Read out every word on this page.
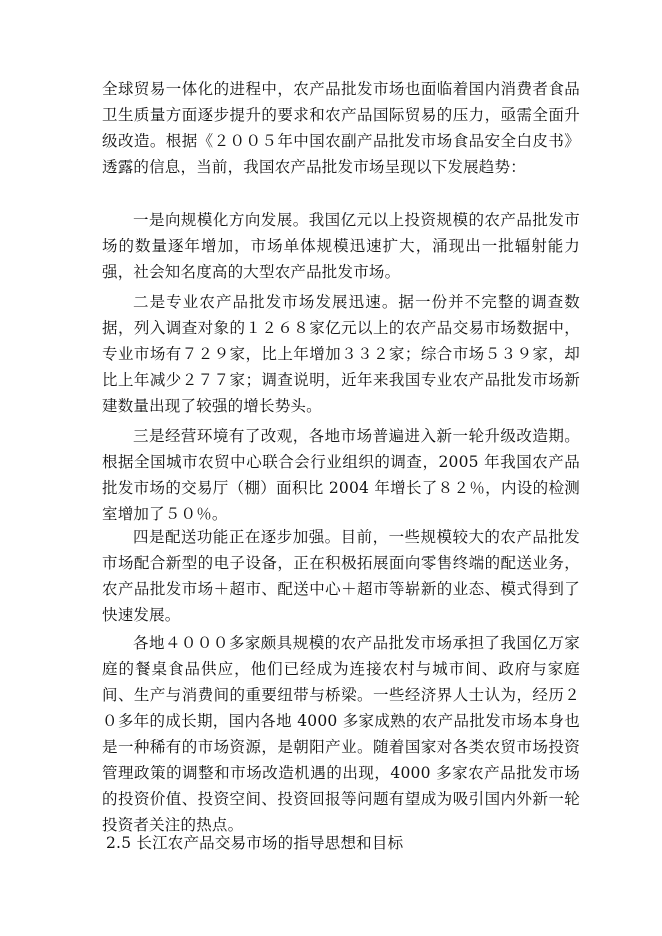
全球贸易一体化的进程中，农产品批发市场也面临着国内消费者食品卫生质量方面逐步提升的要求和农产品国际贸易的压力，亟需全面升级改造。根据《２００５年中国农副产品批发市场食品安全白皮书》透露的信息，当前，我国农产品批发市场呈现以下发展趋势：

一是向规模化方向发展。我国亿元以上投资规模的农产品批发市场的数量逐年增加，市场单体规模迅速扩大，涌现出一批辐射能力强，社会知名度高的大型农产品批发市场。

二是专业农产品批发市场发展迅速。据一份并不完整的调查数据，列入调查对象的１２６８家亿元以上的农产品交易市场数据中，专业市场有７２９家，比上年增加３３２家；综合市场５３９家，却比上年减少２７７家；调查说明，近年来我国专业农产品批发市场新建数量出现了较强的增长势头。

三是经营环境有了改观，各地市场普遍进入新一轮升级改造期。根据全国城市农贸中心联合会行业组织的调查，2005 年我国农产品批发市场的交易厅（棚）面积比 2004 年增长了８２％，内设的检测室增加了５０％。

四是配送功能正在逐步加强。目前，一些规模较大的农产品批发市场配合新型的电子设备，正在积极拓展面向零售终端的配送业务，农产品批发市场＋超市、配送中心＋超市等崭新的业态、模式得到了快速发展。

各地４０００多家颇具规模的农产品批发市场承担了我国亿万家庭的餐桌食品供应，他们已经成为连接农村与城市间、政府与家庭间、生产与消费间的重要纽带与桥梁。一些经济界人士认为，经历２０多年的成长期，国内各地 4000 多家成熟的农产品批发市场本身也是一种稀有的市场资源，是朝阳产业。随着国家对各类农贸市场投资管理政策的调整和市场改造机遇的出现，4000 多家农产品批发市场的投资价值、投资空间、投资回报等问题有望成为吸引国内外新一轮投资者关注的热点。

2.5 长江农产品交易市场的指导思想和目标
